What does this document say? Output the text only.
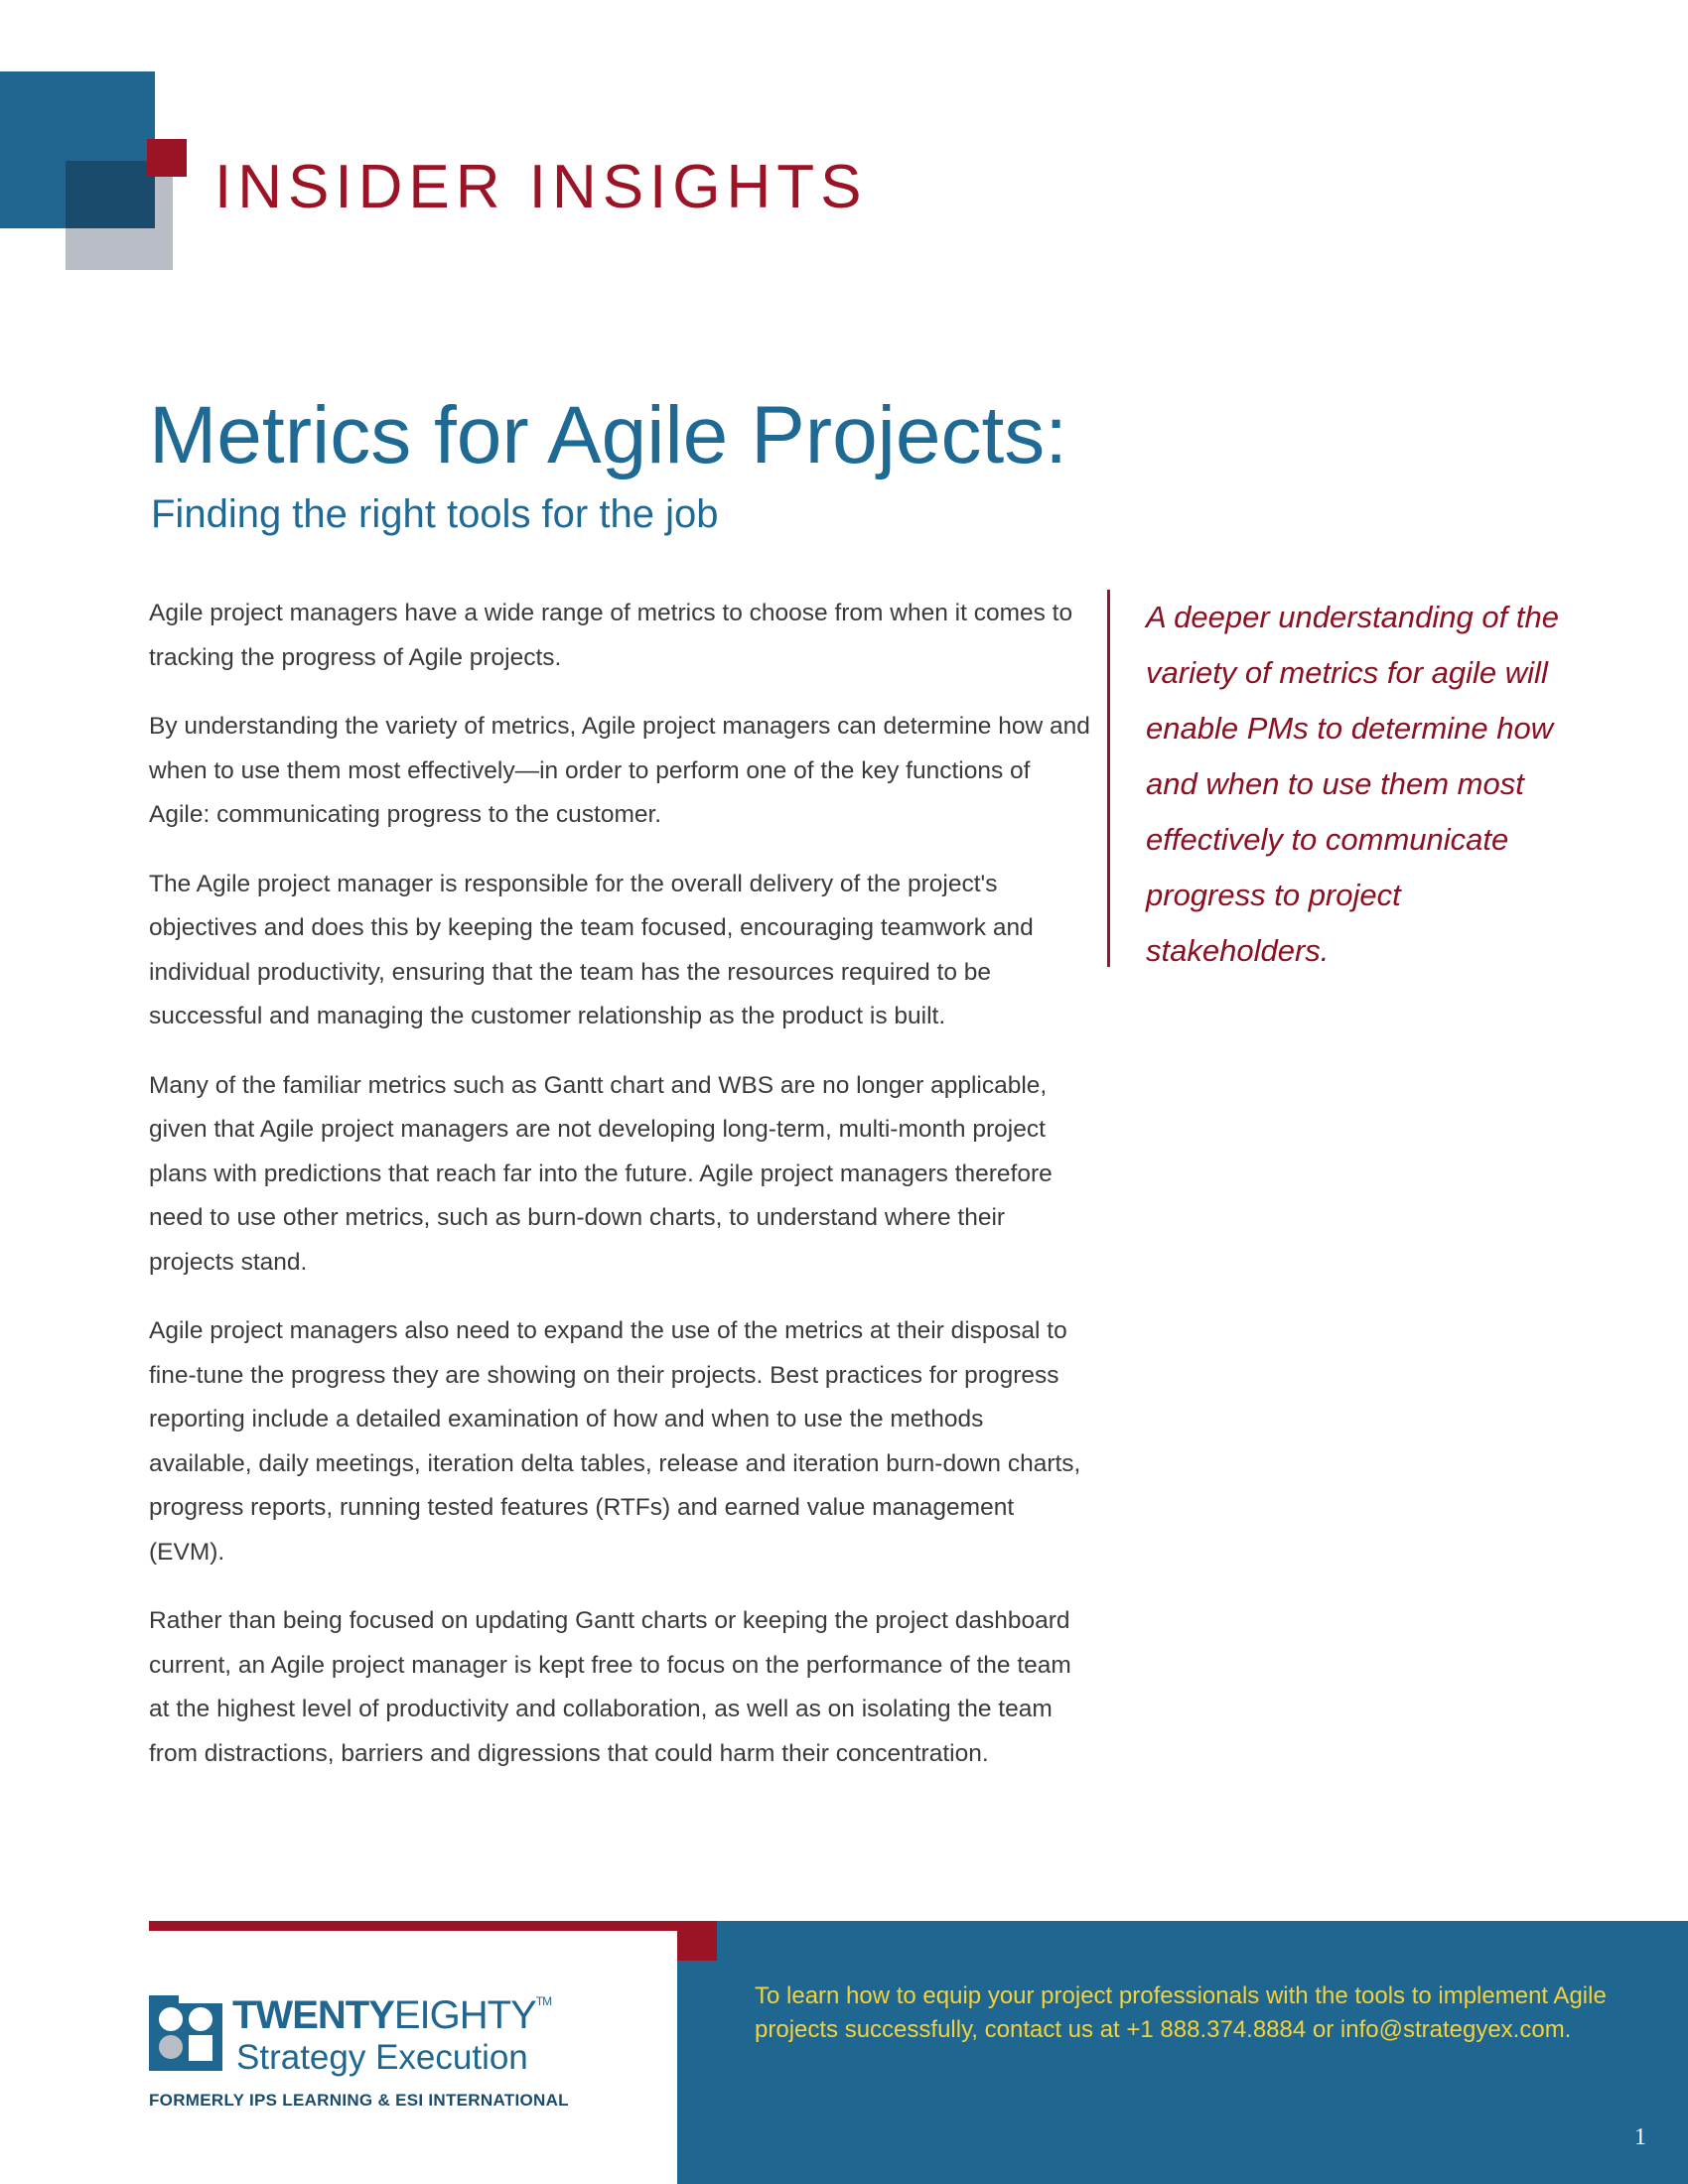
INSIDER INSIGHTS
Metrics for Agile Projects:
Finding the right tools for the job

Agile project managers have a wide range of metrics to choose from when it comes to tracking the progress of Agile projects.

By understanding the variety of metrics, Agile project managers can determine how and when to use them most effectively—in order to perform one of the key functions of Agile: communicating progress to the customer.

The Agile project manager is responsible for the overall delivery of the project's objectives and does this by keeping the team focused, encouraging teamwork and individual productivity, ensuring that the team has the resources required to be successful and managing the customer relationship as the product is built.

Many of the familiar metrics such as Gantt chart and WBS are no longer applicable, given that Agile project managers are not developing long-term, multi-month project plans with predictions that reach far into the future. Agile project managers therefore need to use other metrics, such as burn-down charts, to understand where their projects stand.

Agile project managers also need to expand the use of the metrics at their disposal to fine-tune the progress they are showing on their projects. Best practices for progress reporting include a detailed examination of how and when to use the methods available, daily meetings, iteration delta tables, release and iteration burn-down charts, progress reports, running tested features (RTFs) and earned value management (EVM).

Rather than being focused on updating Gantt charts or keeping the project dashboard current, an Agile project manager is kept free to focus on the performance of the team at the highest level of productivity and collaboration, as well as on isolating the team from distractions, barriers and digressions that could harm their concentration.

A deeper understanding of the variety of metrics for agile will enable PMs to determine how and when to use them most effectively to communicate progress to project stakeholders.
To learn how to equip your project professionals with the tools to implement Agile projects successfully, contact us at +1 888.374.8884 or info@strategyex.com.
1
TWENTYEIGHTY™
Strategy Execution
FORMERLY IPS LEARNING & ESI INTERNATIONAL
